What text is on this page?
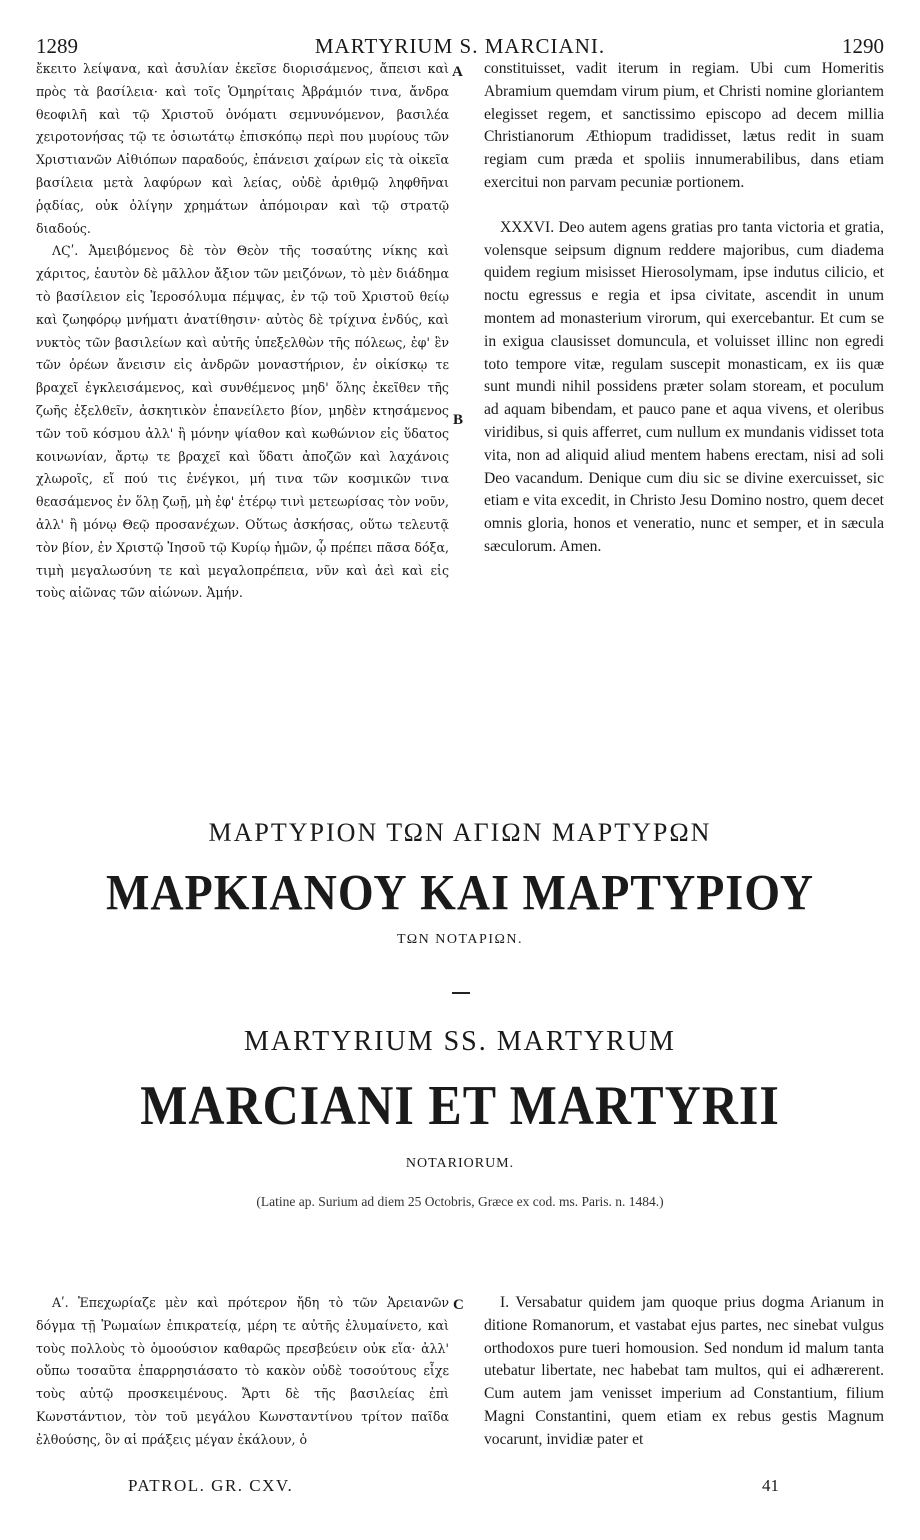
1289	MARTYRIUM S. MARCIANI.	1290

ἔκειτο λείψανα, καὶ ἀσυλίαν ἐκεῖσε διορισάμενος, ἄπεισι καὶ πρὸς τὰ βασίλεια· καὶ τοῖς Ὁμηρίταις Ἀβράμιόν τινα, ἄνδρα θεοφιλῆ καὶ τῷ Χριστοῦ ὀνόματι σεμνυνόμενον, βασιλέα χειροτονήσας τῷ τε ὁσιωτάτῳ ἐπισκόπῳ περὶ που μυρίους τῶν Χριστιανῶν Αἰθιόπων παραδούς, ἐπάνεισι χαίρων εἰς τὰ οἰκεῖα βασίλεια μετὰ λαφύρων καὶ λείας, οὐδὲ ἀριθμῷ ληφθῆναι ῥᾳδίας, οὐκ ὀλίγην χρημάτων ἀπόμοιραν καὶ τῷ στρατῷ διαδούς.

ΛϚʹ. Ἀμειβόμενος δὲ τὸν Θεὸν τῆς τοσαύτης νίκης καὶ χάριτος, ἑαυτὸν δὲ μᾶλλον ἄξιον τῶν μειζόνων, τὸ μὲν διάδημα τὸ βασίλειον εἰς Ἱεροσόλυμα πέμψας, ἐν τῷ τοῦ Χριστοῦ θείῳ καὶ ζωηφόρῳ μνήματι ἀνατίθησιν· αὐτὸς δὲ τρίχινα ἐνδύς, καὶ νυκτὸς τῶν βασιλείων καὶ αὐτῆς ὑπεξελθὼν τῆς πόλεως, ἐφ' ἓν τῶν ὀρέων ἄνεισιν εἰς ἀνδρῶν μοναστήριον, ἐν οἰκίσκῳ τε βραχεῖ ἐγκλεισάμενος, καὶ συνθέμενος μηδ' ὅλης ἐκεῖθεν τῆς ζωῆς ἐξελθεῖν, ἀσκητικὸν ἐπανείλετο βίον, μηδὲν κτησάμενος τῶν τοῦ κόσμου ἀλλ' ἢ μόνην ψίαθον καὶ κωθώνιον εἰς ὕδατος κοινωνίαν, ἄρτῳ τε βραχεῖ καὶ ὕδατι ἀποζῶν καὶ λαχάνοις χλωροῖς, εἴ πού τις ἐνέγκοι, μή τινα τῶν κοσμικῶν τινα θεασάμενος ἐν ὅλῃ ζωῇ, μὴ ἐφ' ἑτέρῳ τινὶ μετεωρίσας τὸν νοῦν, ἀλλ' ἢ μόνῳ Θεῷ προσανέχων. Οὕτως ἀσκήσας, οὕτω τελευτᾷ τὸν βίον, ἐν Χριστῷ Ἰησοῦ τῷ Κυρίῳ ἡμῶν, ᾧ πρέπει πᾶσα δόξα, τιμὴ μεγαλωσύνη τε καὶ μεγαλοπρέπεια, νῦν καὶ ἀεὶ καὶ εἰς τοὺς αἰῶνας τῶν αἰώνων. Ἀμήν.

constituisset, vadit iterum in regiam. Ubi cum Homeritis Abramium quemdam virum pium, et Christi nomine gloriantem elegisset regem, et sanctissimo episcopo ad decem millia Christianorum Æthiopum tradidisset, lætus redit in suam regiam cum præda et spoliis innumerabilibus, dans etiam exercitui non parvam pecuniæ portionem.

XXXVI. Deo autem agens gratias pro tanta victoria et gratia, volensque seipsum dignum reddere majoribus, cum diadema quidem regium misisset Hierosolymam, ipse indutus cilicio, et noctu egressus e regia et ipsa civitate, ascendit in unum montem ad monasterium virorum, qui exercebantur. Et cum se in exigua clausisset domuncula, et voluisset illinc non egredi toto tempore vitæ, regulam suscepit monasticam, ex iis quæ sunt mundi nihil possidens præter solam stoream, et poculum ad aquam bibendam, et pauco pane et aqua vivens, et oleribus viridibus, si quis afferret, cum nullum ex mundanis vidisset tota vita, non ad aliquid aliud mentem habens erectam, nisi ad soli Deo vacandum. Denique cum diu sic se divine exercuisset, sic etiam e vita excedit, in Christo Jesu Domino nostro, quem decet omnis gloria, honos et veneratio, nunc et semper, et in sæcula sæculorum. Amen.

A
B
C
ΜΑΡΤΥΡΙΟΝ ΤΩΝ ΑΓΙΩΝ ΜΑΡΤΥΡΩΝ
ΜΑΡΚΙΑΝΟΥ ΚΑΙ ΜΑΡΤΥΡΙΟΥ
ΤΩΝ ΝΟΤΑΡΙΩΝ.
MARTYRIUM SS. MARTYRUM
MARCIANI ET MARTYRII
NOTARIORUM.
(Latine ap. Surium ad diem 25 Octobris, Græce ex cod. ms. Paris. n. 1484.)

Αʹ. Ἐπεχωρίαζε μὲν καὶ πρότερον ἤδη τὸ τῶν Ἀρειανῶν δόγμα τῇ Ῥωμαίων ἐπικρατείᾳ, μέρη τε αὐτῆς ἐλυμαίνετο, καὶ τοὺς πολλοὺς τὸ ὁμοούσιον καθαρῶς πρεσβεύειν οὐκ εἴα· ἀλλ' οὔπω τοσαῦτα ἐπαρρησιάσατο τὸ κακὸν οὐδὲ τοσούτους εἶχε τοὺς αὐτῷ προσκειμένους. Ἄρτι δὲ τῆς βασιλείας ἐπὶ Κωνστάντιον, τὸν τοῦ μεγάλου Κωνσταντίνου τρίτον παῖδα ἐλθούσης, ὃν αἱ πράξεις μέγαν ἐκάλουν, ὁ

I. Versabatur quidem jam quoque prius dogma Arianum in ditione Romanorum, et vastabat ejus partes, nec sinebat vulgus orthodoxos pure tueri homousion. Sed nondum id malum tanta utebatur libertate, nec habebat tam multos, qui ei adhærerent. Cum autem jam venisset imperium ad Constantium, filium Magni Constantini, quem etiam ex rebus gestis Magnum vocarunt, invidiæ pater et

PATROL. GR. CXV.	41
